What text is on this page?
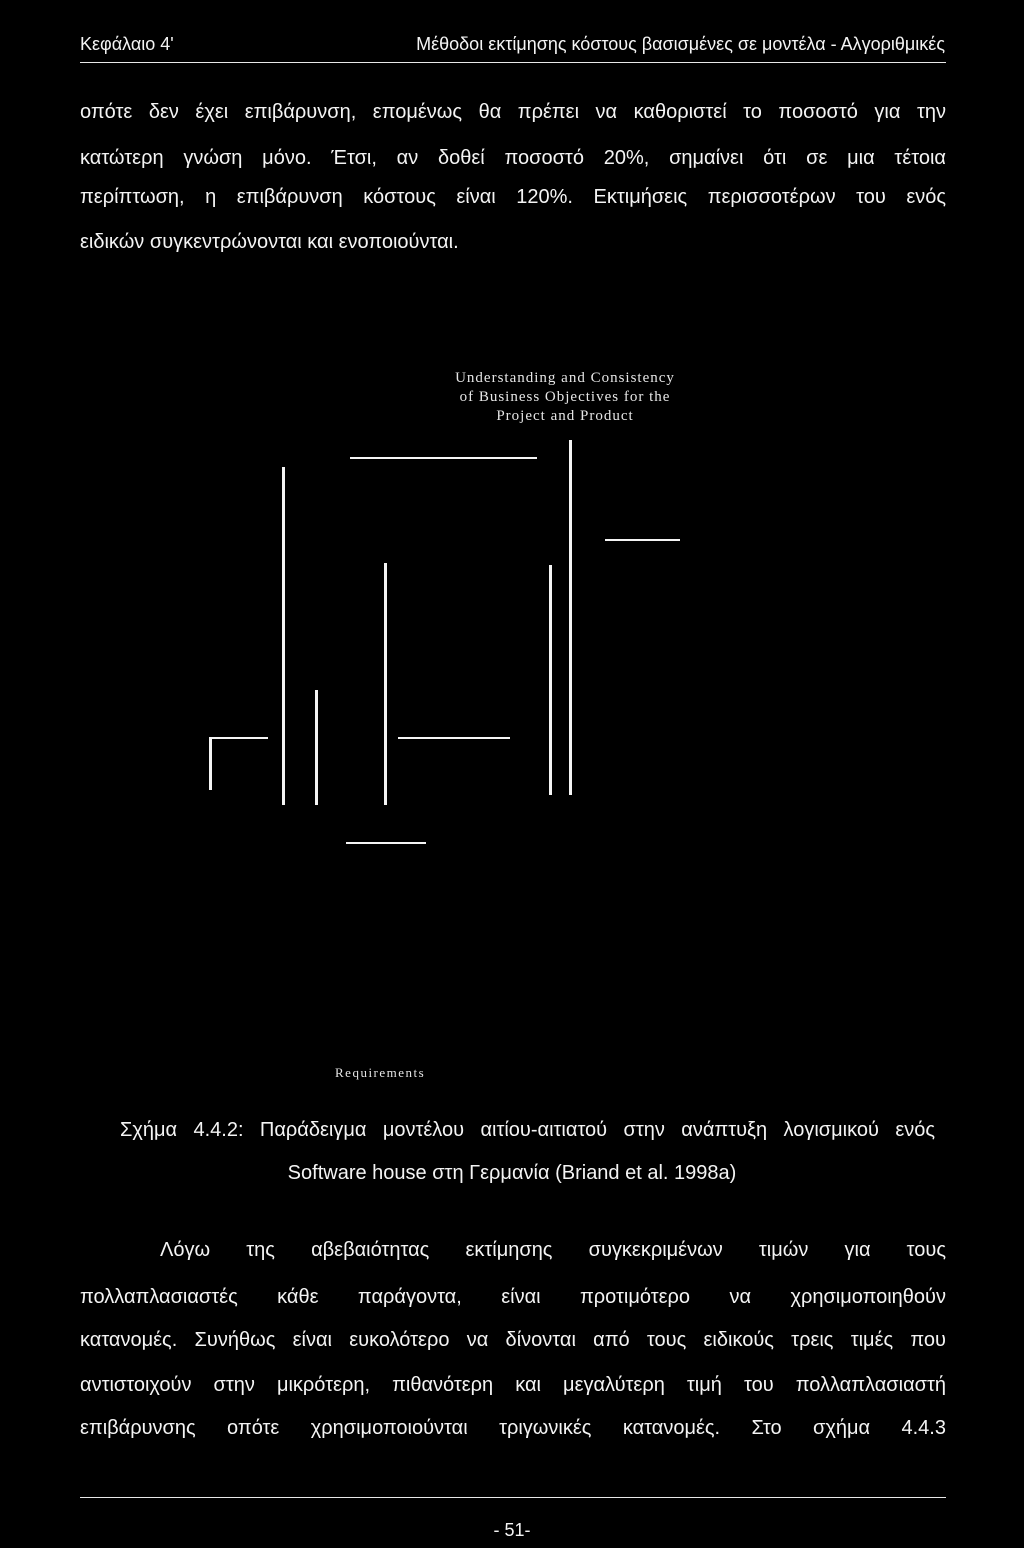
Κεφάλαιο 4'	Μέθοδοι εκτίμησης κόστους βασισμένες σε μοντέλα - Αλγοριθμικές
οπότε δεν έχει επιβάρυνση, επομένως θα πρέπει να καθοριστεί το ποσοστό για την
κατώτερη γνώση μόνο. Έτσι, αν δοθεί ποσοστό 20%, σημαίνει ότι σε μια τέτοια
περίπτωση, η επιβάρυνση κόστους είναι 120%. Εκτιμήσεις περισσοτέρων του ενός
ειδικών συγκεντρώνονται και ενοποιούνται.
Understanding and Consistency
of Business Objectives for the
Project and Product
Requirements
Σχήμα 4.4.2: Παράδειγμα μοντέλου αιτίου-αιτιατού στην ανάπτυξη λογισμικού ενός
Software house στη Γερμανία (Briand et al. 1998a)
Λόγω της αβεβαιότητας εκτίμησης συγκεκριμένων τιμών για τους
πολλαπλασιαστές κάθε παράγοντα, είναι προτιμότερο να χρησιμοποιηθούν
κατανομές. Συνήθως είναι ευκολότερο να δίνονται από τους ειδικούς τρεις τιμές που
αντιστοιχούν στην μικρότερη, πιθανότερη και μεγαλύτερη τιμή του πολλαπλασιαστή
επιβάρυνσης οπότε χρησιμοποιούνται τριγωνικές κατανομές. Στο σχήμα 4.4.3
- 51-
